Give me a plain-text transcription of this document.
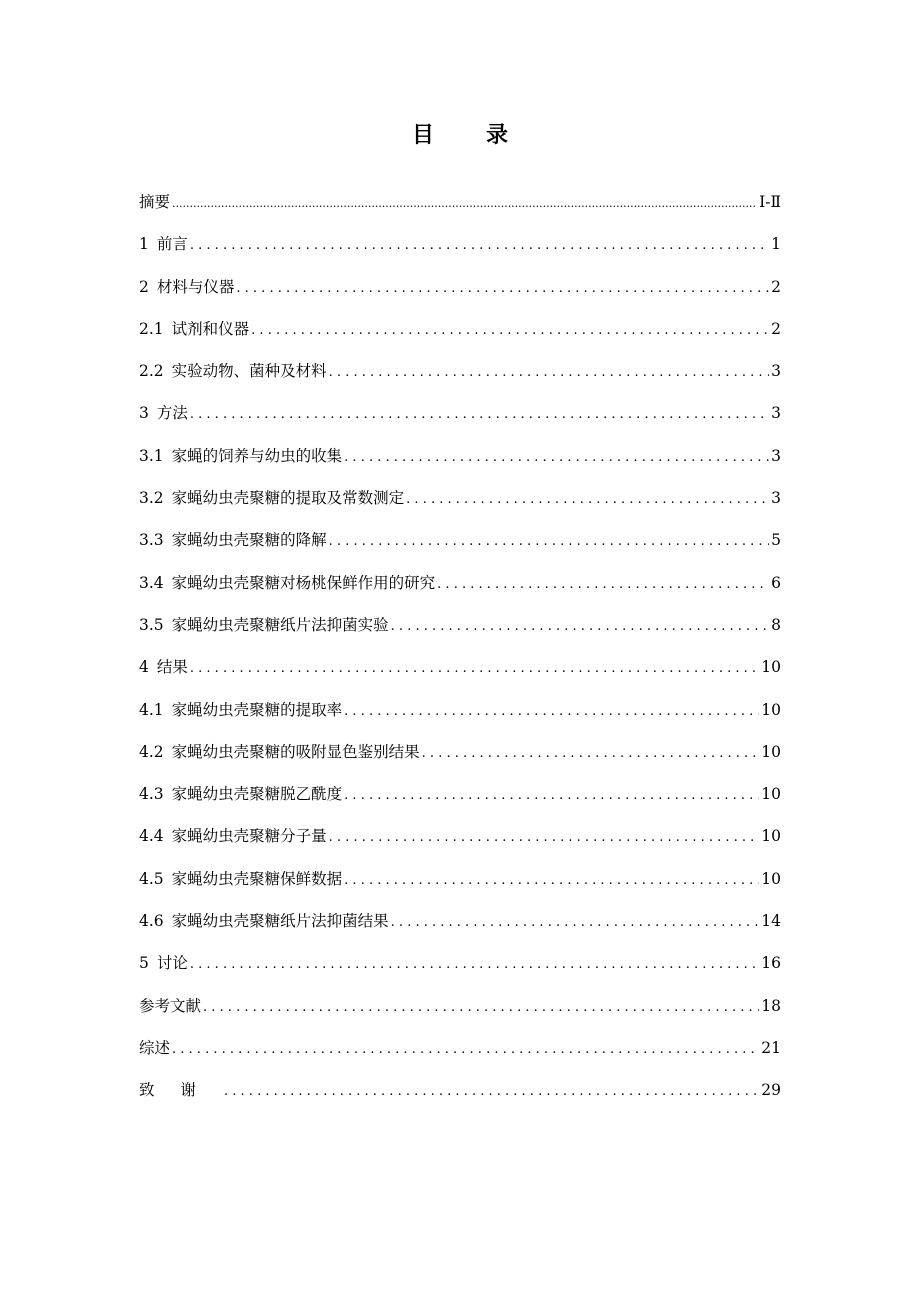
目 录
摘要 .....	Ⅰ-Ⅱ
1 前言 . . .	1
2 材料与仪器 . . .	2
2.1 试剂和仪器 . . .	2
2.2 实验动物、菌种及材料 . . .	3
3 方法 . . .	3
3.1 家蝇的饲养与幼虫的收集 . . .	3
3.2 家蝇幼虫壳聚糖的提取及常数测定 . . .	3
3.3 家蝇幼虫壳聚糖的降解 . . .	5
3.4 家蝇幼虫壳聚糖对杨桃保鲜作用的研究 . . .	6
3.5 家蝇幼虫壳聚糖纸片法抑菌实验 . . .	8
4 结果 . . .	10
4.1 家蝇幼虫壳聚糖的提取率 . . .	10
4.2 家蝇幼虫壳聚糖的吸附显色鉴别结果 . . .	10
4.3 家蝇幼虫壳聚糖脱乙酰度 . . .	10
4.4 家蝇幼虫壳聚糖分子量 . . .	10
4.5 家蝇幼虫壳聚糖保鲜数据 . . .	10
4.6 家蝇幼虫壳聚糖纸片法抑菌结果 . . .	14
5 讨论 . . .	16
参考文献 . . .	18
综述 . . .	21
致谢 . . .	29
